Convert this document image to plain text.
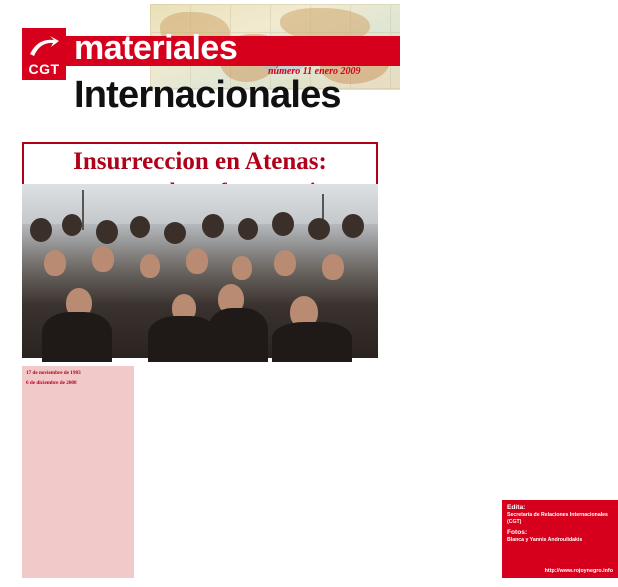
CGT
materiales
número 11 enero 2009
Internacionales
Insurreccion en Atenas:
17 de noviembre de 1983

6 de diciembre de 2008

Edita:
Secretaría de Relaciones Internacionales (CGT)
Fotos:
Blanca y Yannis Androulidakis
http://www.rojoynegro.info
